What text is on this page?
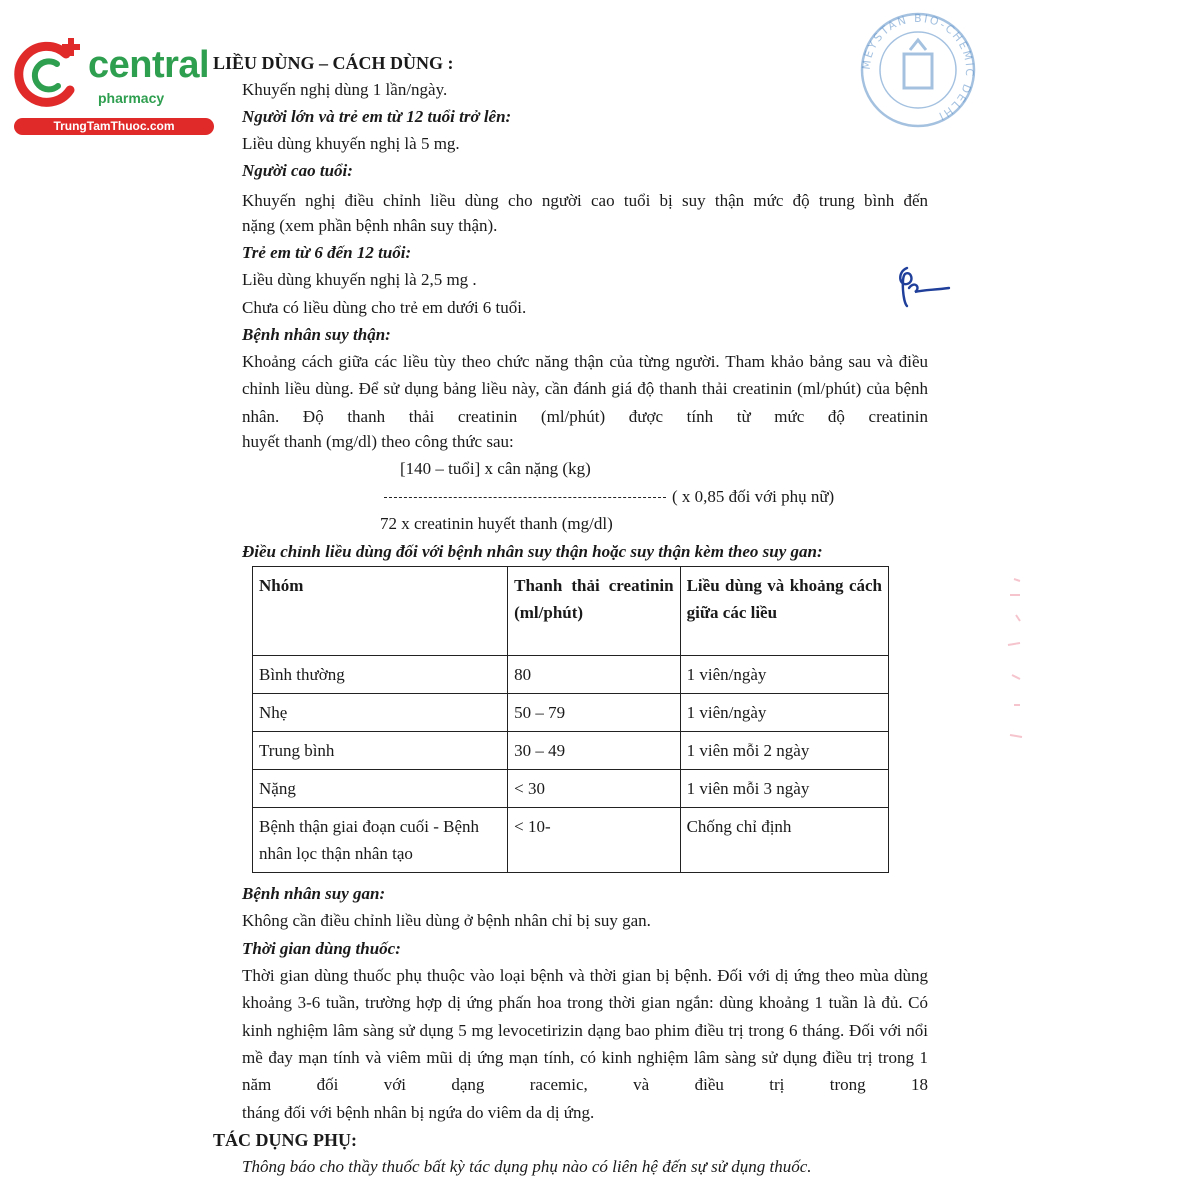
central
pharmacy
TrungTamThuoc.com
MEYSTAN BIO-CHEMIC DELHI
LIỀU DÙNG – CÁCH DÙNG :
Khuyến nghị dùng 1 lần/ngày.
Người lớn và trẻ em từ 12 tuổi trở lên:
Liều dùng khuyến nghị là 5 mg.
Người cao tuổi:
Khuyến nghị điều chỉnh liều dùng cho người cao tuổi bị suy thận mức độ trung bình đến
nặng (xem phần bệnh nhân suy thận).
Trẻ em từ 6 đến 12 tuổi:
Liều dùng khuyến nghị là 2,5 mg .
Chưa có liều dùng cho trẻ em dưới 6 tuổi.
Bệnh nhân suy thận:
Khoảng cách giữa các liều tùy theo chức năng thận của từng người. Tham khảo bảng sau và điều chỉnh liều dùng. Để sử dụng bảng liều này, cần đánh giá độ thanh thải creatinin (ml/phút) của bệnh nhân. Độ thanh thải creatinin (ml/phút) được tính từ mức độ creatinin
huyết thanh (mg/dl) theo công thức sau:
[140 – tuổi] x cân nặng (kg)
( x 0,85 đối với phụ nữ)
72 x creatinin huyết thanh (mg/dl)
Điều chỉnh liều dùng đối với bệnh nhân suy thận hoặc suy thận kèm theo suy gan:
Nhóm	Thanh thải creatinin (ml/phút)	Liều dùng và khoảng cách giữa các liều

Bình thường	80	1 viên/ngày
Nhẹ	50 – 79	1 viên/ngày
Trung bình	30 – 49	1 viên mỗi 2 ngày
Nặng	< 30	1 viên mỗi 3 ngày
Bệnh thận giai đoạn cuối - Bệnh nhân lọc thận nhân tạo	< 10-	Chống chỉ định
Bệnh nhân suy gan:
Không cần điều chỉnh liều dùng ở bệnh nhân chỉ bị suy gan.
Thời gian dùng thuốc:
Thời gian dùng thuốc phụ thuộc vào loại bệnh và thời gian bị bệnh. Đối với dị ứng theo mùa dùng khoảng 3-6 tuần, trường hợp dị ứng phấn hoa trong thời gian ngắn: dùng khoảng 1 tuần là đủ. Có kinh nghiệm lâm sàng sử dụng 5 mg levocetirizin dạng bao phim điều trị trong 6 tháng. Đối với nổi mề đay mạn tính và viêm mũi dị ứng mạn tính, có kinh nghiệm lâm sàng sử dụng điều trị trong 1 năm đối với dạng racemic, và điều trị trong 18
tháng đối với bệnh nhân bị ngứa do viêm da dị ứng.
TÁC DỤNG PHỤ:
Thông báo cho thầy thuốc bất kỳ tác dụng phụ nào có liên hệ đến sự sử dụng thuốc.
